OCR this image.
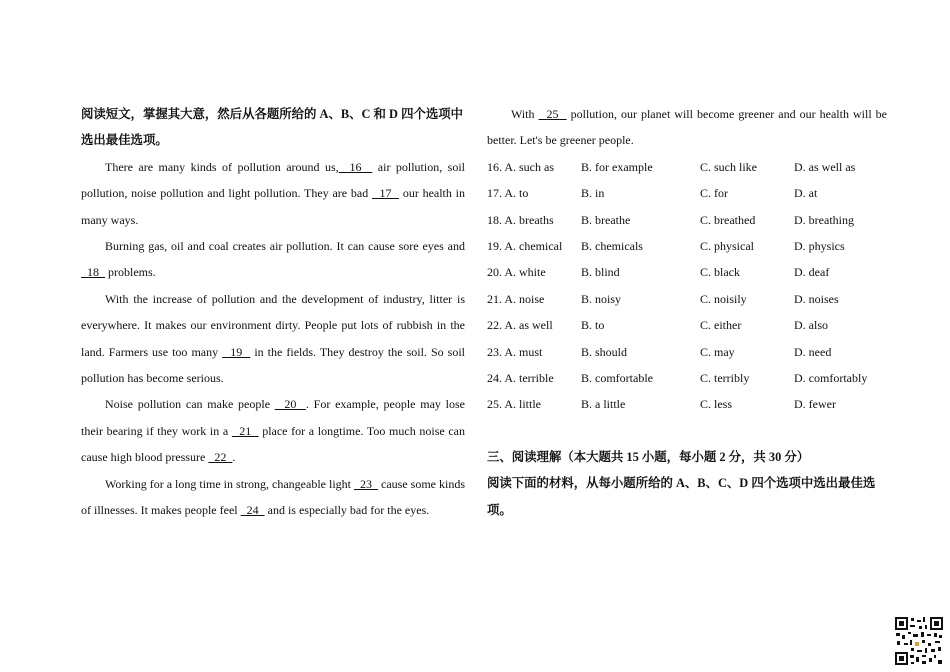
阅读短文，掌握其大意，然后从各题所给的 A、B、C 和 D 四个选项中选出最佳选项。

There are many kinds of pollution around us,  16   air pollution, soil pollution, noise pollution and light pollution. They are bad   17   our health in many ways.

Burning gas, oil and coal creates air pollution. It can cause sore eyes and   18   problems.

With the increase of pollution and the development of industry, litter is everywhere. It makes our environment dirty. People put lots of rubbish in the land. Farmers use too many   19   in the fields. They destroy the soil. So soil pollution has become serious.

Noise pollution can make people   20  . For example, people may lose their bearing if they work in a   21   place for a longtime. Too much noise can cause high blood pressure   22  .

Working for a long time in strong, changeable light   23   cause some kinds of illnesses. It makes people feel   24   and is especially bad for the eyes.

With   25   pollution, our planet will become greener and our health will be better. Let's be greener people.

16. A. such as	B. for example	C. such like	D. as well as
17. A. to	B. in	C. for	D. at
18. A. breaths	B. breathe	C. breathed	D. breathing
19. A. chemical	B. chemicals	C. physical	D. physics
20. A. white	B. blind	C. black	D. deaf
21. A. noise	B. noisy	C. noisily	D. noises
22. A. as well	B. to	C. either	D. also
23. A. must	B. should	C. may	D. need
24. A. terrible	B. comfortable	C. terribly	D. comfortably
25. A. little	B. a little	C. less	D. fewer
三、阅读理解（本大题共 15 小题，每小题 2 分，共 30 分）
阅读下面的材料，从每小题所给的 A、B、C、D 四个选项中选出最佳选项。
